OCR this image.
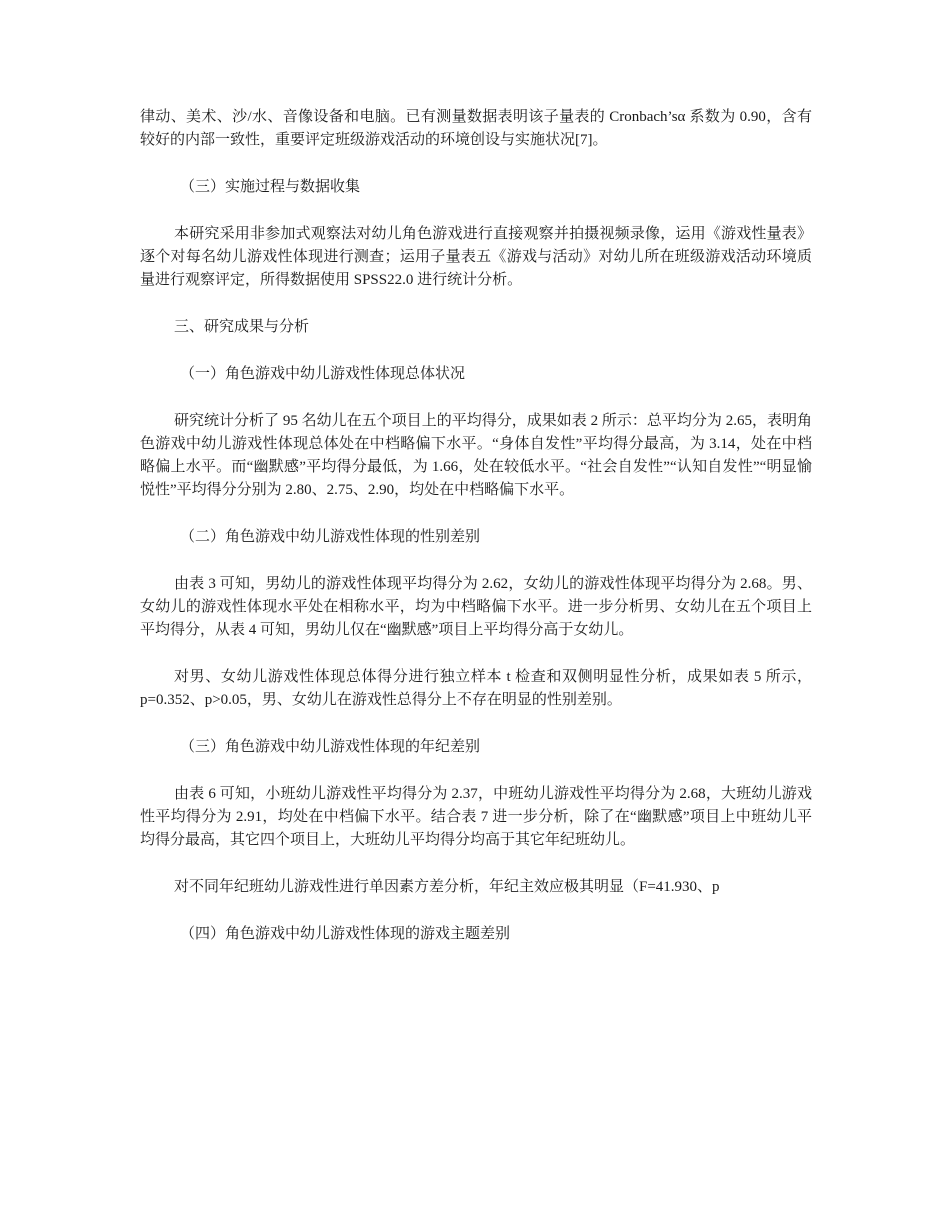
律动、美术、沙/水、音像设备和电脑。已有测量数据表明该子量表的 Cronbach’sα 系数为 0.90，含有较好的内部一致性，重要评定班级游戏活动的环境创设与实施状况[7]。

（三）实施过程与数据收集

本研究采用非参加式观察法对幼儿角色游戏进行直接观察并拍摄视频录像，运用《游戏性量表》逐个对每名幼儿游戏性体现进行测查；运用子量表五《游戏与活动》对幼儿所在班级游戏活动环境质量进行观察评定，所得数据使用 SPSS22.0 进行统计分析。

三、研究成果与分析

（一）角色游戏中幼儿游戏性体现总体状况

研究统计分析了 95 名幼儿在五个项目上的平均得分，成果如表 2 所示：总平均分为 2.65，表明角色游戏中幼儿游戏性体现总体处在中档略偏下水平。“身体自发性”平均得分最高，为 3.14，处在中档略偏上水平。而“幽默感”平均得分最低，为 1.66，处在较低水平。“社会自发性”“认知自发性”“明显愉悦性”平均得分分别为 2.80、2.75、2.90，均处在中档略偏下水平。

（二）角色游戏中幼儿游戏性体现的性别差别

由表 3 可知，男幼儿的游戏性体现平均得分为 2.62，女幼儿的游戏性体现平均得分为 2.68。男、女幼儿的游戏性体现水平处在相称水平，均为中档略偏下水平。进一步分析男、女幼儿在五个项目上平均得分，从表 4 可知，男幼儿仅在“幽默感”项目上平均得分高于女幼儿。

对男、女幼儿游戏性体现总体得分进行独立样本 t 检查和双侧明显性分析，成果如表 5 所示，p=0.352、p>0.05，男、女幼儿在游戏性总得分上不存在明显的性别差别。

（三）角色游戏中幼儿游戏性体现的年纪差别

由表 6 可知，小班幼儿游戏性平均得分为 2.37，中班幼儿游戏性平均得分为 2.68，大班幼儿游戏性平均得分为 2.91，均处在中档偏下水平。结合表 7 进一步分析，除了在“幽默感”项目上中班幼儿平均得分最高，其它四个项目上，大班幼儿平均得分均高于其它年纪班幼儿。

对不同年纪班幼儿游戏性进行单因素方差分析，年纪主效应极其明显（F=41.930、p

（四）角色游戏中幼儿游戏性体现的游戏主题差别
